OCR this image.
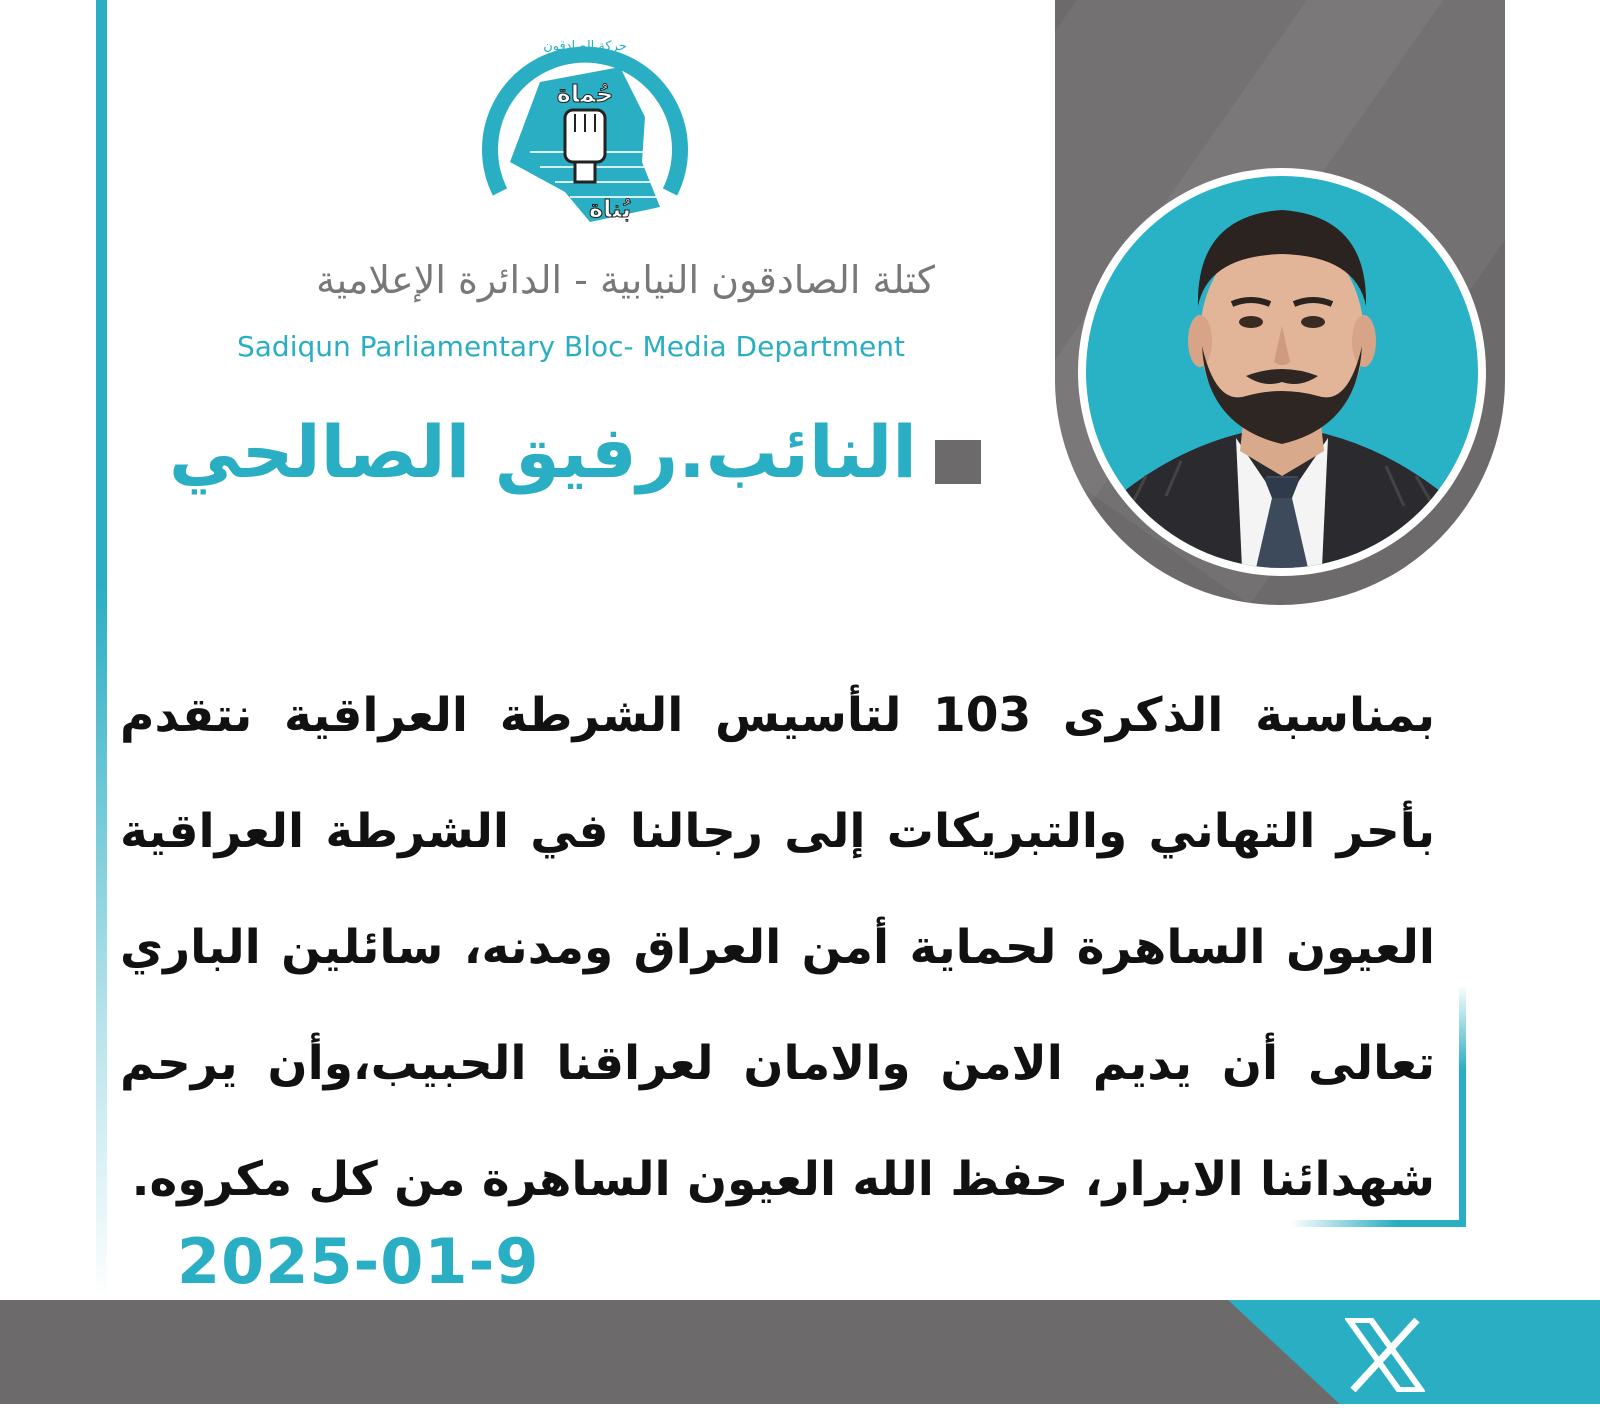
حُماة
بُناة
حركة الصادقون
الله اكبر
كتلة الصادقون النيابية - الدائرة الإعلامية
Sadiqun Parliamentary Bloc- Media Department
النائب.رفيق الصالحي
بمناسبة الذكرى 103 لتأسيس الشرطة العراقية نتقدم بأحر التهاني والتبريكات إلى رجالنا في الشرطة العراقية العيون الساهرة لحماية أمن العراق ومدنه، سائلين الباري تعالى أن يديم الامن والامان لعراقنا الحبيب،وأن يرحم شهدائنا الابرار، حفظ الله العيون الساهرة من كل مكروه.
2025-01-9
